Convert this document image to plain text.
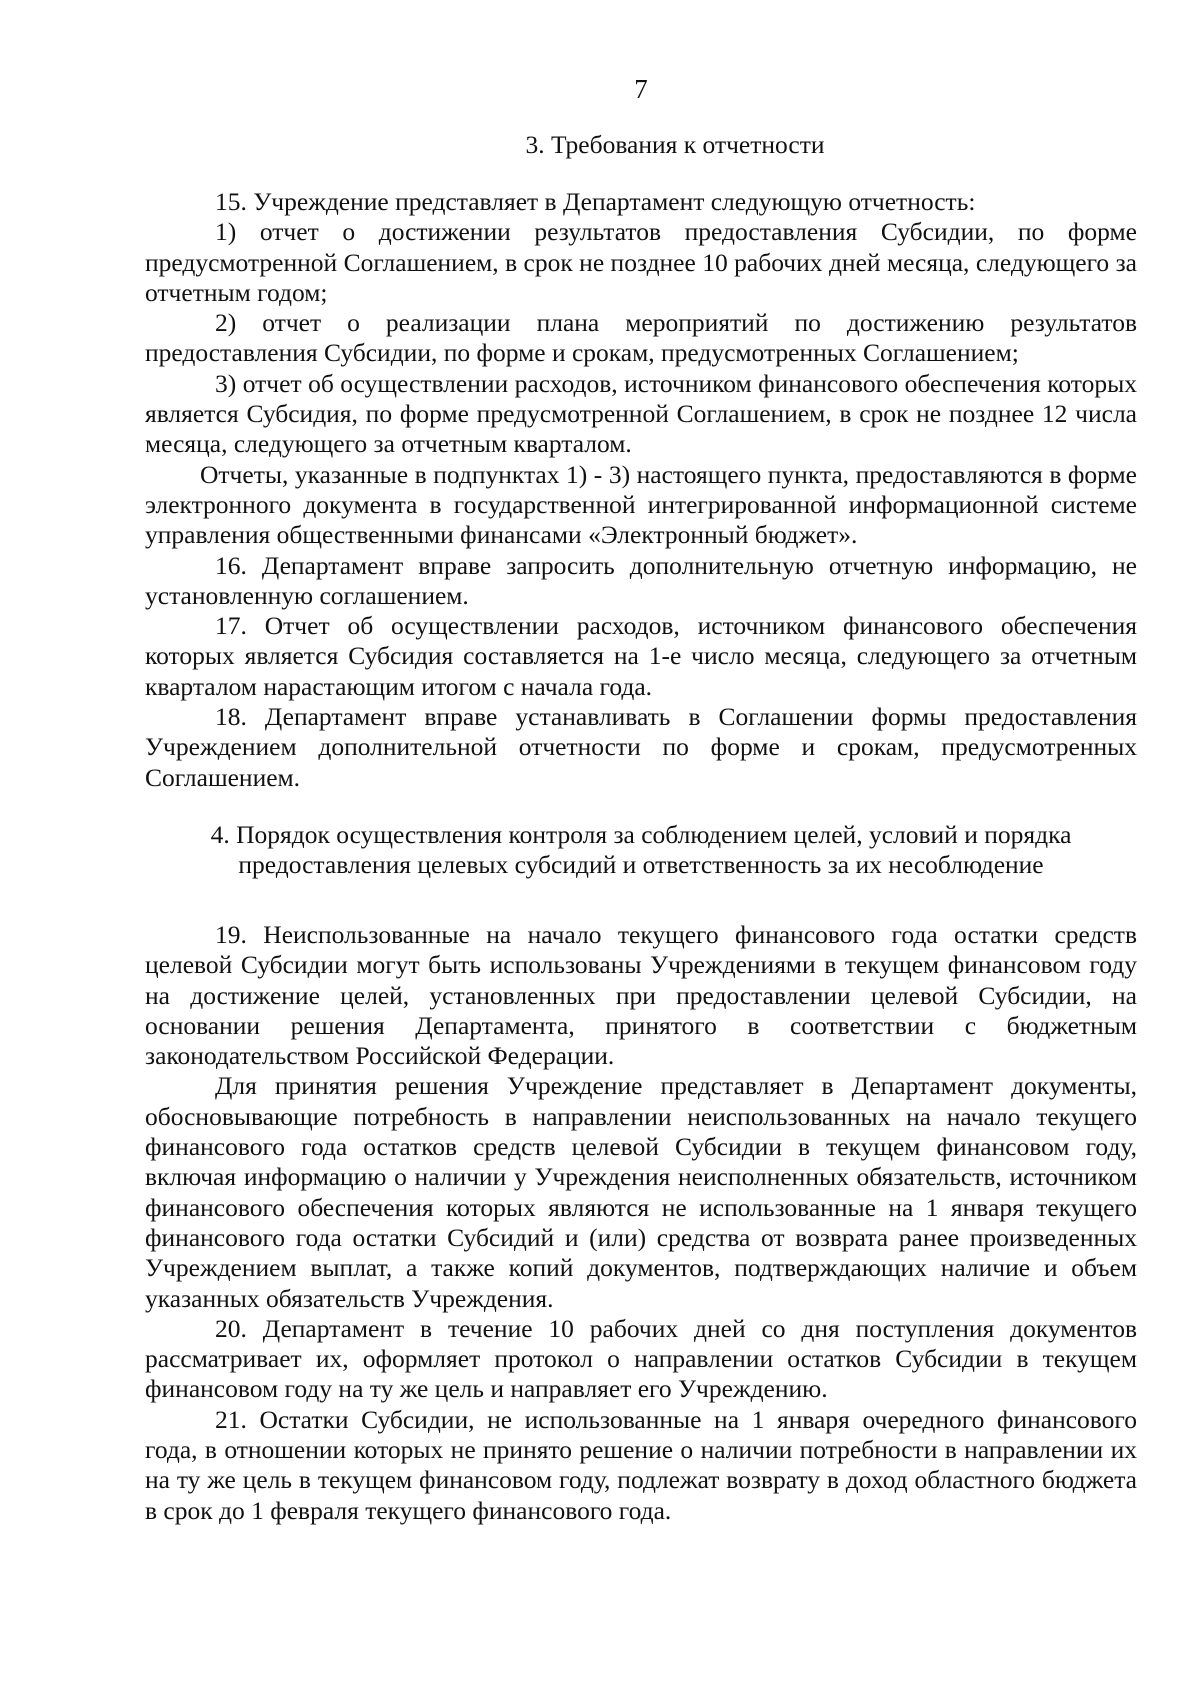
7
3. Требования к отчетности

15. Учреждение представляет в Департамент следующую отчетность:

1) отчет о достижении результатов предоставления Субсидии, по форме предусмотренной Соглашением, в срок не позднее 10 рабочих дней месяца, следующего за отчетным годом;

2) отчет о реализации плана мероприятий по достижению результатов предоставления Субсидии, по форме и срокам, предусмотренных Соглашением;

3) отчет об осуществлении расходов, источником финансового обеспечения которых является Субсидия, по форме предусмотренной Соглашением, в срок не позднее 12 числа месяца, следующего за отчетным кварталом.

Отчеты, указанные в подпунктах 1) - 3) настоящего пункта, предоставляются в форме электронного документа в государственной интегрированной информационной системе управления общественными финансами «Электронный бюджет».

16. Департамент вправе запросить дополнительную отчетную информацию, не установленную соглашением.

17. Отчет об осуществлении расходов, источником финансового обеспечения которых является Субсидия составляется на 1-е число месяца, следующего за отчетным кварталом нарастающим итогом с начала года.

18. Департамент вправе устанавливать в Соглашении формы предоставления Учреждением дополнительной отчетности по форме и срокам, предусмотренных Соглашением.

4. Порядок осуществления контроля за соблюдением целей, условий и порядка
предоставления целевых субсидий и ответственность за их несоблюдение

19. Неиспользованные на начало текущего финансового года остатки средств целевой Субсидии могут быть использованы Учреждениями в текущем финансовом году на достижение целей, установленных при предоставлении целевой Субсидии, на основании решения Департамента, принятого в соответствии с бюджетным законодательством Российской Федерации.

Для принятия решения Учреждение представляет в Департамент документы, обосновывающие потребность в направлении неиспользованных на начало текущего финансового года остатков средств целевой Субсидии в текущем финансовом году, включая информацию о наличии у Учреждения неисполненных обязательств, источником финансового обеспечения которых являются не использованные на 1 января текущего финансового года остатки Субсидий и (или) средства от возврата ранее произведенных Учреждением выплат, а также копий документов, подтверждающих наличие и объем указанных обязательств Учреждения.

20. Департамент в течение 10 рабочих дней со дня поступления документов рассматривает их, оформляет протокол о направлении остатков Субсидии в текущем финансовом году на ту же цель и направляет его Учреждению.

21. Остатки Субсидии, не использованные на 1 января очередного финансового года, в отношении которых не принято решение о наличии потребности в направлении их на ту же цель в текущем финансовом году, подлежат возврату в доход областного бюджета в срок до 1 февраля текущего финансового года.
